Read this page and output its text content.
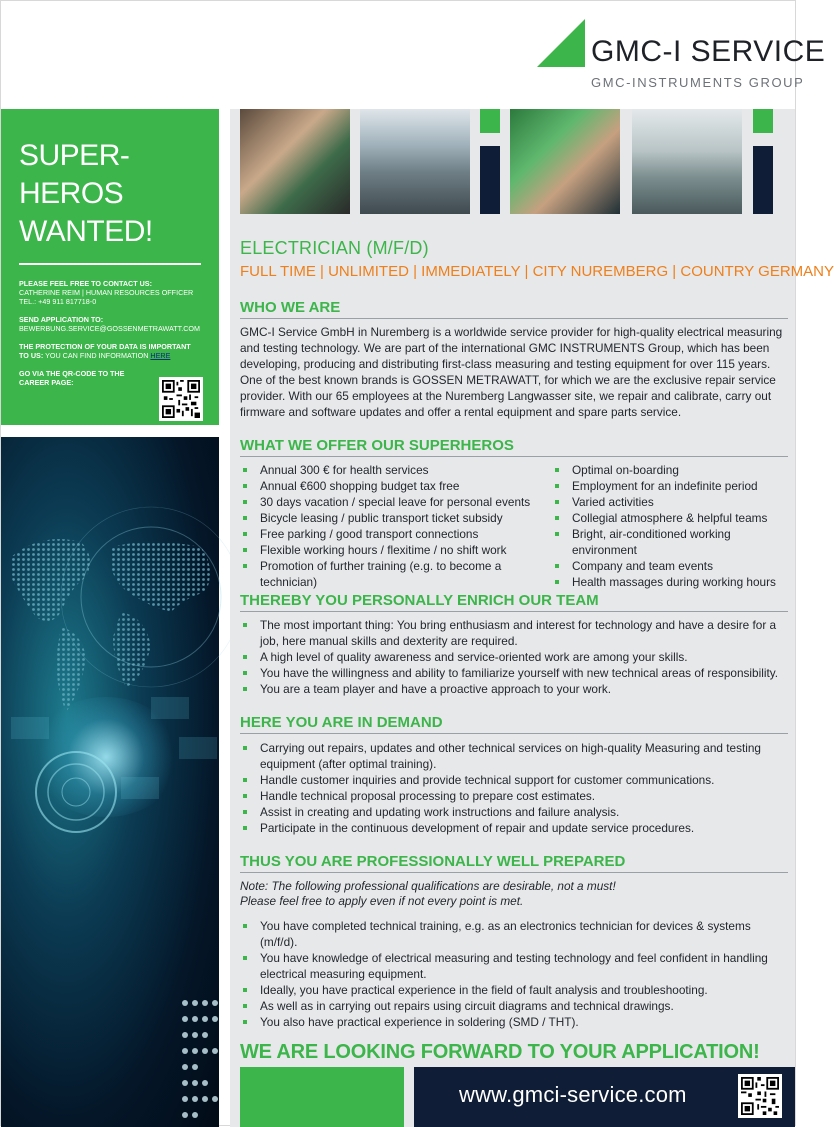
GMC-I SERVICE
GMC-INSTRUMENTS GROUP
SUPER-HEROS WANTED!
PLEASE FEEL FREE TO CONTACT US:
CATHERINE REIM | HUMAN RESOURCES OFFICER
TEL.: +49 911 817718-0
SEND APPLICATION TO:
BEWERBUNG.SERVICE@GOSSENMETRAWATT.COM
THE PROTECTION OF YOUR DATA IS IMPORTANT TO US: YOU CAN FIND INFORMATION HERE
GO VIA THE QR-CODE TO THE CAREER PAGE:
ELECTRICIAN (M/F/D)
FULL TIME | UNLIMITED | IMMEDIATELY | CITY NUREMBERG | COUNTRY GERMANY
WHO WE ARE
GMC-I Service GmbH in Nuremberg is a worldwide service provider for high-quality electrical measuring and testing technology. We are part of the international GMC INSTRUMENTS Group, which has been developing, producing and distributing first-class measuring and testing equipment for over 115 years. One of the best known brands is GOSSEN METRAWATT, for which we are the exclusive repair service provider. With our 65 employees at the Nuremberg Langwasser site, we repair and calibrate, carry out firmware and software updates and offer a rental equipment and spare parts service.
WHAT WE OFFER OUR SUPERHEROS
Annual 300 € for health services
Annual €600 shopping budget tax free
30 days vacation / special leave for personal events
Bicycle leasing / public transport ticket subsidy
Free parking / good transport connections
Flexible working hours / flexitime / no shift work
Promotion of further training (e.g. to become a technician)
Optimal on-boarding
Employment for an indefinite period
Varied activities
Collegial atmosphere & helpful teams
Bright, air-conditioned working environment
Company and team events
Health massages during working hours
THEREBY YOU PERSONALLY ENRICH OUR TEAM
The most important thing: You bring enthusiasm and interest for technology and have a desire for a job, here manual skills and dexterity are required.
A high level of quality awareness and service-oriented work are among your skills.
You have the willingness and ability to familiarize yourself with new technical areas of responsibility.
You are a team player and have a proactive approach to your work.
HERE YOU ARE IN DEMAND
Carrying out repairs, updates and other technical services on high-quality Measuring and testing equipment (after optimal training).
Handle customer inquiries and provide technical support for customer communications.
Handle technical proposal processing to prepare cost estimates.
Assist in creating and updating work instructions and failure analysis.
Participate in the continuous development of repair and update service procedures.
THUS YOU ARE PROFESSIONALLY WELL PREPARED
Note: The following professional qualifications are desirable, not a must!
Please feel free to apply even if not every point is met.
You have completed technical training, e.g. as an electronics technician for devices & systems (m/f/d).
You have knowledge of electrical measuring and testing technology and feel confident in handling electrical measuring equipment.
Ideally, you have practical experience in the field of fault analysis and troubleshooting.
As well as in carrying out repairs using circuit diagrams and technical drawings.
You also have practical experience in soldering (SMD / THT).
WE ARE LOOKING FORWARD TO YOUR APPLICATION!
www.gmci-service.com
